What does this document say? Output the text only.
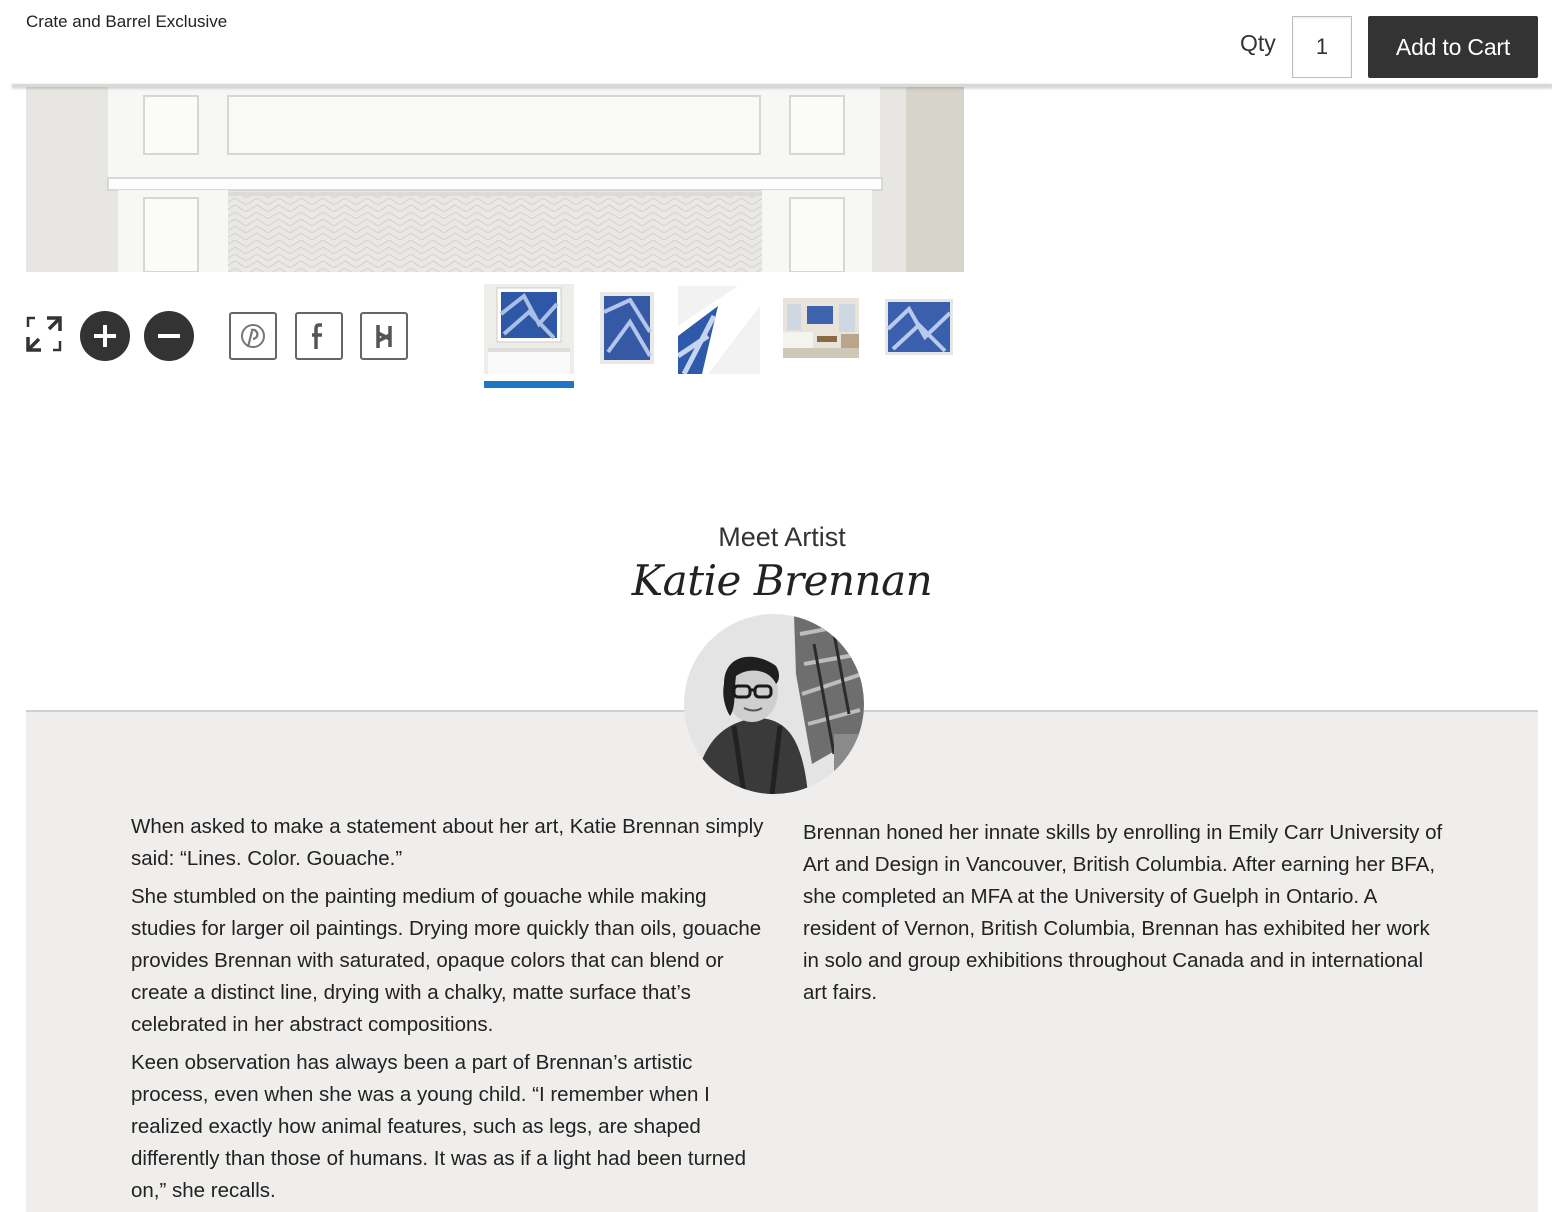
Crate and Barrel Exclusive
Qty
1	Add to Cart
Meet Artist
Katie Brennan

When asked to make a statement about her art, Katie Brennan simply said: “Lines. Color. Gouache.”

She stumbled on the painting medium of gouache while making studies for larger oil paintings. Drying more quickly than oils, gouache provides Brennan with saturated, opaque colors that can blend or create a distinct line, drying with a chalky, matte surface that’s celebrated in her abstract compositions.

Keen observation has always been a part of Brennan’s artistic process, even when she was a young child. “I remember when I realized exactly how animal features, such as legs, are shaped differently than those of humans. It was as if a light had been turned on,” she recalls.

Brennan honed her innate skills by enrolling in Emily Carr University of Art and Design in Vancouver, British Columbia. After earning her BFA, she completed an MFA at the University of Guelph in Ontario. A resident of Vernon, British Columbia, Brennan has exhibited her work in solo and group exhibitions throughout Canada and in international art fairs.
